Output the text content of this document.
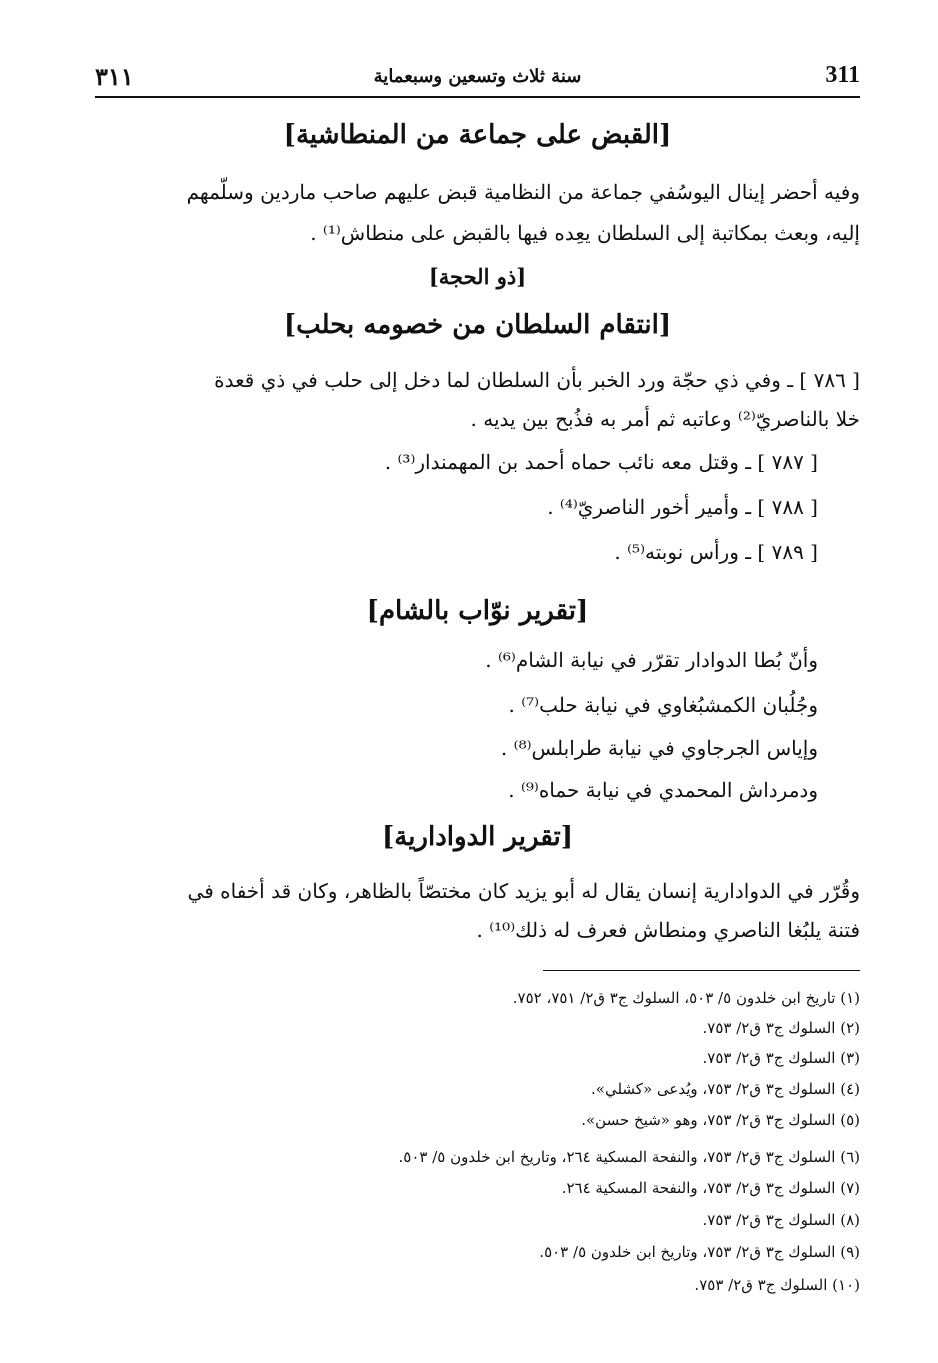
٣١١	سنة ثلاث وتسعين وسبعماية	311
[القبض على جماعة من المنطاشية]
وفيه أحضر إينال اليوسُفي جماعة من النظامية قبض عليهم صاحب ماردين وسلّمهم
إليه، وبعث بمكاتبة إلى السلطان يعِده فيها بالقبض على منطاش⁽¹⁾ .
[ذو الحجة]
[انتقام السلطان من خصومه بحلب]
[ ٧٨٦ ] ـ وفي ذي حجّة ورد الخبر بأن السلطان لما دخل إلى حلب في ذي قعدة
خلا بالناصريّ⁽²⁾ وعاتبه ثم أمر به فذُبح بين يديه .
[ ٧٨٧ ] ـ وقتل معه نائب حماه أحمد بن المهمندار⁽³⁾ .
[ ٧٨٨ ] ـ وأمير أخور الناصريّ⁽⁴⁾ .
[ ٧٨٩ ] ـ ورأس نوبته⁽⁵⁾ .
[تقرير نوّاب بالشام]
وأنّ بُطا الدوادار تقرّر في نيابة الشام⁽⁶⁾ .
وجُلُبان الكمشبُغاوي في نيابة حلب⁽⁷⁾ .
وإياس الجرجاوي في نيابة طرابلس⁽⁸⁾ .
ودمرداش المحمدي في نيابة حماه⁽⁹⁾ .
[تقرير الدوادارية]
وقُرّر في الدوادارية إنسان يقال له أبو يزيد كان مختصّاً بالظاهر، وكان قد أخفاه في
فتنة يلبُغا الناصري ومنطاش فعرف له ذلك⁽¹⁰⁾ .
(١) تاريخ ابن خلدون ٥/ ٥٠٣، السلوك ج٣ ق٢/ ٧٥١، ٧٥٢.
(٢) السلوك ج٣ ق٢/ ٧٥٣.
(٣) السلوك ج٣ ق٢/ ٧٥٣.
(٤) السلوك ج٣ ق٢/ ٧٥٣، ويُدعى «كشلي».
(٥) السلوك ج٣ ق٢/ ٧٥٣، وهو «شيخ حسن».
(٦) السلوك ج٣ ق٢/ ٧٥٣، والنفحة المسكية ٢٦٤، وتاريخ ابن خلدون ٥/ ٥٠٣.
(٧) السلوك ج٣ ق٢/ ٧٥٣، والنفحة المسكية ٢٦٤.
(٨) السلوك ج٣ ق٢/ ٧٥٣.
(٩) السلوك ج٣ ق٢/ ٧٥٣، وتاريخ ابن خلدون ٥/ ٥٠٣.
(١٠) السلوك ج٣ ق٢/ ٧٥٣.
